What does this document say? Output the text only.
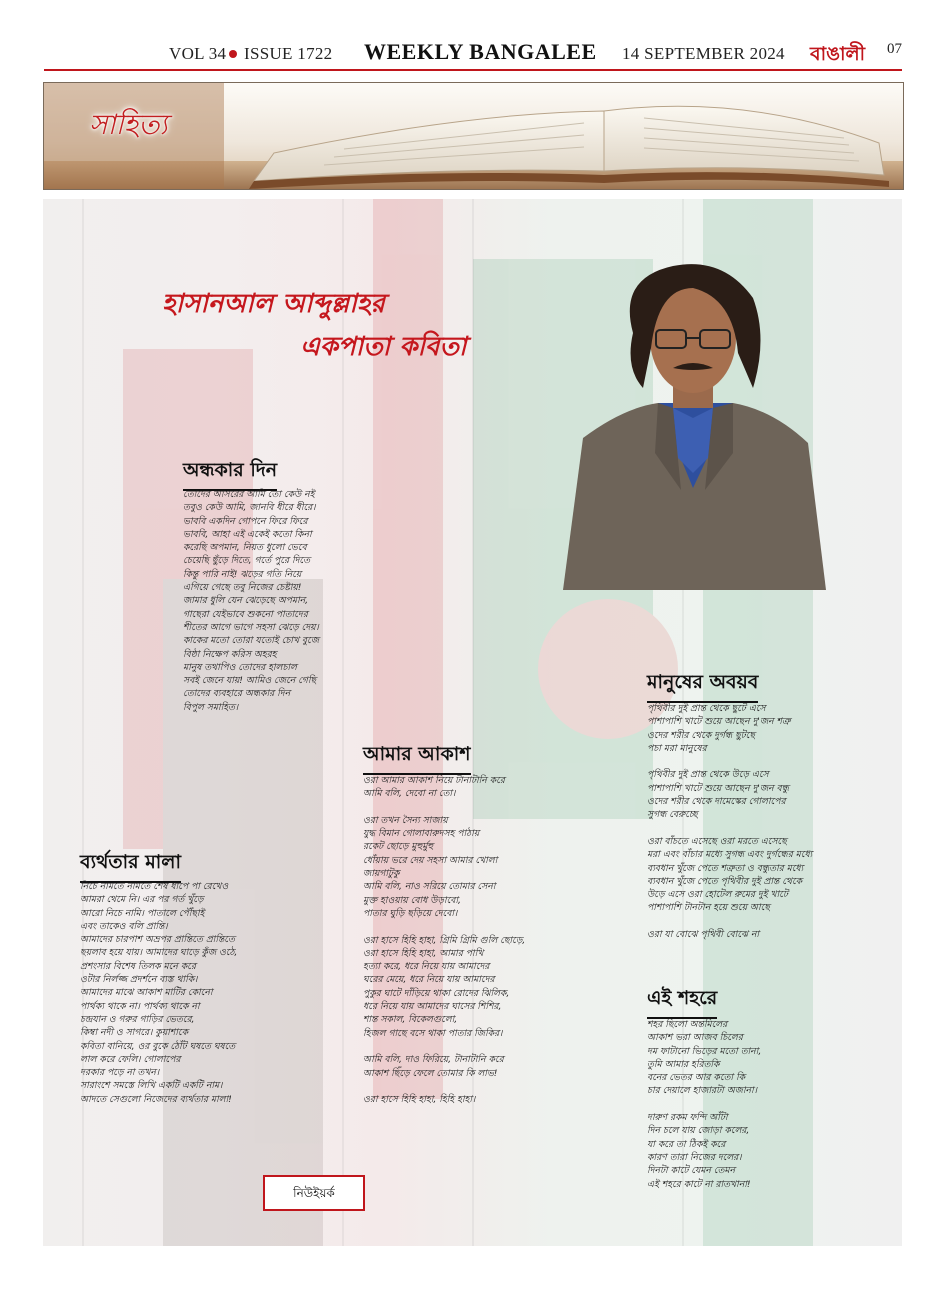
VOL 34 ISSUE 1722 WEEKLY BANGALEE 14 SEPTEMBER 2024 বাঙালী 07
সাহিত্য
হাসানআল আব্দুল্লাহর
একপাতা কবিতা
অন্ধকার দিন
তোদের আসরের আমি তো কেউ নই
তবুও কেউ আমি, জানবি ধীরে ধীরে।
ভাববি একদিন গোপনে ফিরে ফিরে
ভাববি, আহা এই একেই কতো কিনা
করেছি অপমান, নিয়ত ধুলো ভেবে
চেয়েছি ছুঁড়ে দিতে, গর্তে পুরে দিতে
কিন্তু পারি নাই! ঝড়ের গতি নিয়ে
এগিয়ে গেছে তবু নিজের চেষ্টায়!
জামার ধুলি যেন ঝেড়েছে অপমান,
গাছেরা যেইভাবে শুকনো পাতাদের
শীতের আগে ভাগে সহসা ঝেড়ে দেয়।
কাকের মতো তোরা যতোই চোখ বুজে
বিষ্ঠা নিক্ষেপ করিস অহরহ
মানুষ তথাপিও তোদের হালচাল
সবই জেনে যায়! আমিও জেনে গেছি
তোদের ব্যবহারে অন্ধকার দিন
বিপুল সমাহিত।
মানুষের অবয়ব
পৃথিবীর দুই প্রান্ত থেকে ছুটে এসে
পাশাপাশি খাটে শুয়ে আছেন দু'জন শত্রু
ওদের শরীর থেকে দুর্গন্ধ ছুটছে
পচা মরা মানুষের

পৃথিবীর দুই প্রান্ত থেকে উড়ে এসে
পাশাপাশি খাটে শুয়ে আছেন দু'জন বন্ধু
ওদের শরীর থেকে দামেস্কের গোলাপের
সুগন্ধ বেরুচ্ছে

ওরা বাঁচতে এসেছে ওরা মরতে এসেছে
মরা এবং বাঁচার মধ্যে সুগন্ধ এবং দুর্গন্ধের মধ্যে
ব্যবধান খুঁজে পেতে শত্রুতা ও বন্ধুতার মধ্যে
ব্যবধান খুঁজে পেতে পৃথিবীর দুই প্রান্ত থেকে
উড়ে এসে ওরা হোটেল রুমের দুই খাটে
পাশাপাশি টানটান হয়ে শুয়ে আছে

ওরা যা বোঝে পৃথিবী বোঝে না
আমার আকাশ
ওরা আমার আকাশ নিয়ে টানাটানি করে
আমি বলি, দেবো না তো।

ওরা তখন সৈন্য সাজায়
যুদ্ধ বিমান গোলাবারুদসহ পাঠায়
রকেট ছোড়ে মুহুর্মুহু
ধোঁয়ায় ভরে দেয় সহসা আমার খোলা
জায়গাটুকু
আমি বলি, নাও সরিয়ে তোমার সেনা
মুক্ত হাওয়ায় বোধ উড়াবো,
পাতার ঘুড়ি ছড়িয়ে দেবো।

ওরা হাসে হিহি হাহা, গ্রিমি গ্রিমি গুলি ছোড়ে,
ওরা হাসে হিহি হাহা, আমার পাখি
হত্যা করে, ধরে নিয়ে যায় আমাদের
ঘরের মেয়ে, ধরে নিয়ে যায় আমাদের
পুকুর ঘাটে দাঁড়িয়ে থাকা রোদের ঝিলিক,
ধরে নিয়ে যায় আমাদের ঘাসের শিশির,
শান্ত সকাল, বিকেলগুলো,
হিজল গাছে বসে থাকা পাতার জিকির।

আমি বলি, দাও ফিরিয়ে, টানাটানি করে
আকাশ ছিঁড়ে ফেলে তোমার কি লাভ!

ওরা হাসে হিহি হাহা, হিহি হাহা।
ব্যর্থতার মালা
নিচে নামতে নামতে শেষ ধাপে পা রেখেও
আমরা থেমে নি। এর পর গর্ত খুঁড়ে
আরো নিচে নামি। পাতালে পৌঁছাই
এবং তাকেও বলি প্রান্তি।
আমাদের চারপাশ অভ্রপর প্রান্তিতে প্রান্তিতে
ছয়লাব হয়ে যায়। আমাদের ঘাড়ে কুঁজ ওঠে,
প্রশংসার বিশেষ তিলক মনে করে
ওটার নির্লজ্জ প্রদর্শনে ব্যস্ত থাকি।
আমাদের মাঝে আকাশ মাটির কোনো
পার্থক্য থাকে না। পার্থক্য থাকে না
চন্দ্রযান ও গরুর গাড়ির ভেতরে,
কিম্বা নদী ও সাগরে। কুয়াশাকে
কবিতা বানিয়ে, ওর বুকে ঠোঁট ঘষতে ঘষতে
লাল করে ফেলি। গোলাপের
দরকার পড়ে না তখন।
সারাংশে সমস্তে লিখি একটি একটি নাম।
আদতে সেগুলো নিজেদের ব্যর্থতার মালা!
এই শহরে
শহর ছিলো অন্তমিলের
আকাশ ভরা আজব চিলের
দম ফাটানো ভিড়ের মতো তানা,
তুমি আমার হরিতকি
বনের ভেতর আর কতো কি
চার দেয়ালে হাজারটা অজানা।

দারুণ রকম ফন্দি আঁটা
দিন চলে যায় জোড়া কলের,
যা করে তা ঠিকই করে
কারণ তারা নিজের দলের।
দিনটা কাটে যেমন তেমন
এই শহরে কাটে না রাতখানা!
নিউইয়র্ক
